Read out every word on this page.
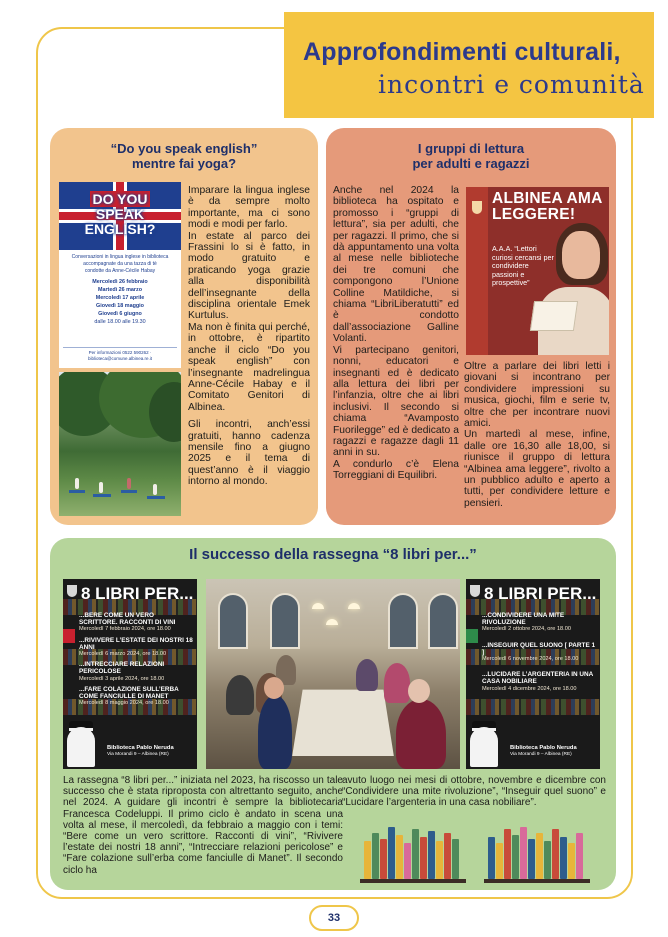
Approfondimenti culturali,
incontri e comunità
“Do you speak english”
mentre fai yoga?
DO YOU
SPEAK
ENGLISH?
Conversazioni in lingua inglese in biblioteca accompagnate da una tazza di tè
condotte da Anne-Cécile Habay
Mercoledì 26 febbraio
Martedì 26 marzo
Mercoledì 17 aprile
Giovedì 18 maggio
Giovedì 6 giugno
dalle 18.00 alle 19.30
Per informazioni 0522 590262 · biblioteca@comune.albinea.re.it

Imparare la lingua inglese è da sempre molto importante, ma ci sono modi e modi per farlo.

In estate al parco dei Frassini lo si è fatto, in modo gratuito e praticando yoga grazie alla disponibilità dell’insegnante della disciplina orientale Emek Kurtulus.

Ma non è finita qui perché, in ottobre, è ripartito anche il ciclo “Do you speak english” con l’insegnante madrelingua Anne-Cécile Habay e il Comitato Genitori di Albinea.

Gli incontri, anch’essi gratuiti, hanno cadenza mensile fino a giugno 2025 e il tema di quest’anno è il viaggio intorno al mondo.

I gruppi di lettura
per adulti e ragazzi

Anche nel 2024 la biblioteca ha ospitato e promosso i “gruppi di lettura”, sia per adulti, che per ragazzi. Il primo, che si dà appuntamento una volta al mese nelle biblioteche dei tre comuni che compongono l’Unione Colline Matildiche, si chiama “LibriLiberatutti” ed è condotto dall’associazione Galline Volanti.

Vi partecipano genitori, nonni, educatori e insegnanti ed è dedicato alla lettura dei libri per l’infanzia, oltre che ai libri inclusivi. Il secondo si chiama “Avamposto Fuorilegge” ed è dedicato a ragazzi e ragazze dagli 11 anni in su.

A condurlo c’è Elena Torreggiani di Equilibri.

ALBINEA AMA LEGGERE!
A.A.A. “Lettori curiosi cercansi per condividere passioni e prospettive”

Oltre a parlare dei libri letti i giovani si incontrano per condividere impressioni su musica, giochi, film e serie tv, oltre che per incontrare nuovi amici.

Un martedì al mese, infine, dalle ore 16,30 alle 18,00, si riunisce il gruppo di lettura “Albinea ama leggere”, rivolto a un pubblico adulto e aperto a tutti, per condividere letture e pensieri.

Il successo della rassegna “8 libri per...”
8 LIBRI PER...
...BERE COME UN VERO SCRITTORE. RACCONTI DI VINI
Mercoledì 7 febbraio 2024, ore 18.00
...RIVIVERE L’ESTATE DEI NOSTRI 18 ANNI
Mercoledì 6 marzo 2024, ore 18.00
...INTRECCIARE RELAZIONI PERICOLOSE
Mercoledì 3 aprile 2024, ore 18.00
...FARE COLAZIONE SULL’ERBA COME FANCIULLE DI MANET
Mercoledì 8 maggio 2024, ore 18.00
Biblioteca Pablo Neruda
Via Morandi 9 – Albinea (RE)
8 LIBRI PER...
...CONDIVIDERE UNA MITE RIVOLUZIONE
Mercoledì 2 ottobre 2024, ore 18.00
...INSEGUIR QUEL SUONO [ PARTE 1 ]
Mercoledì 6 novembre 2024, ore 18.00
...LUCIDARE L’ARGENTERIA IN UNA CASA NOBILIARE
Mercoledì 4 dicembre 2024, ore 18.00
Biblioteca Pablo Neruda
Via Morandi 9 – Albinea (RE)
La rassegna “8 libri per...” iniziata nel 2023, ha riscosso un tale successo che è stata riproposta con altrettanto seguito, anche nel 2024. A guidare gli incontri è sempre la bibliotecaria Francesca Codeluppi. Il primo ciclo è andato in scena una volta al mese, il mercoledì, da febbraio a maggio con i temi: “Bere come un vero scrittore. Racconti di vini”, “Rivivere l’estate dei nostri 18 anni”, “Intrecciare relazioni pericolose” e “Fare colazione sull’erba come fanciulle di Manet”. Il secondo ciclo ha
avuto luogo nei mesi di ottobre, novembre e dicembre con “Condividere una mite rivoluzione”, “Inseguir quel suono” e “Lucidare l’argenteria in una casa nobiliare”.
33
